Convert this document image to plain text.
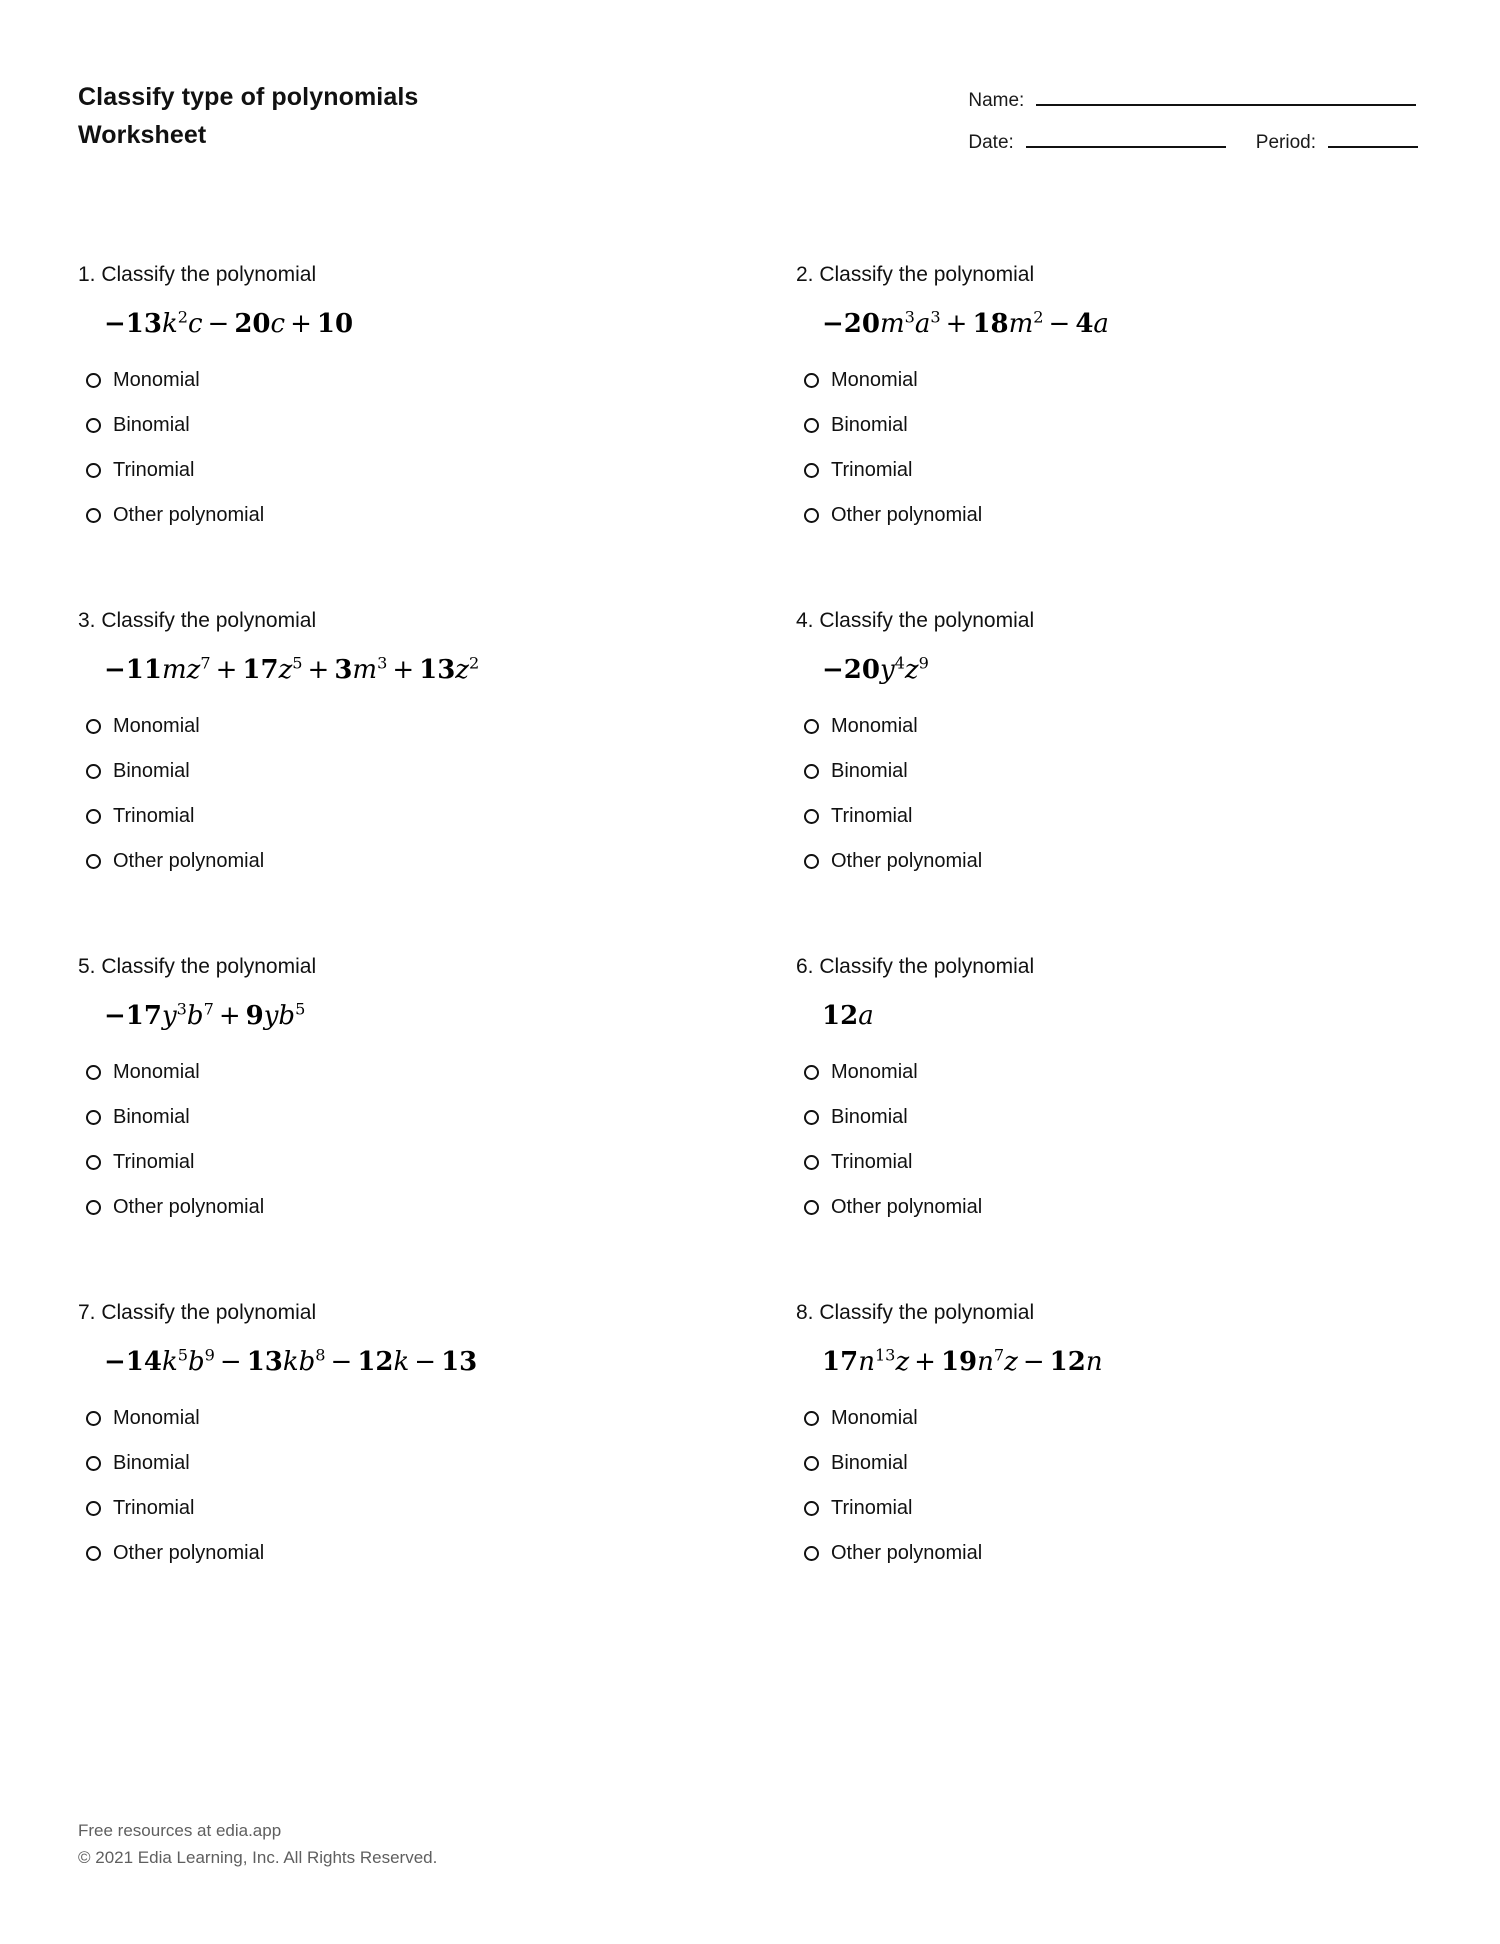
Classify type of polynomials
Worksheet
Name:
Date:	Period:
1. Classify the polynomial
$-13k^2c - 20c + 10$
Monomial
Binomial
Trinomial
Other polynomial
2. Classify the polynomial
$-20m^3a^3 + 18m^2 - 4a$
Monomial
Binomial
Trinomial
Other polynomial
3. Classify the polynomial
$-11mz^7 + 17z^5 + 3m^3 + 13z^2$
Monomial
Binomial
Trinomial
Other polynomial
4. Classify the polynomial
$-20y^4z^9$
Monomial
Binomial
Trinomial
Other polynomial
5. Classify the polynomial
$-17y^3b^7 + 9yb^5$
Monomial
Binomial
Trinomial
Other polynomial
6. Classify the polynomial
12a
Monomial
Binomial
Trinomial
Other polynomial
7. Classify the polynomial
$-14k^5b^9 - 13kb^8 - 12k - 13$
Monomial
Binomial
Trinomial
Other polynomial
8. Classify the polynomial
$17n^{13}z + 19n^7z - 12n$
Monomial
Binomial
Trinomial
Other polynomial
Free resources at edia.app
© 2021 Edia Learning, Inc. All Rights Reserved.
